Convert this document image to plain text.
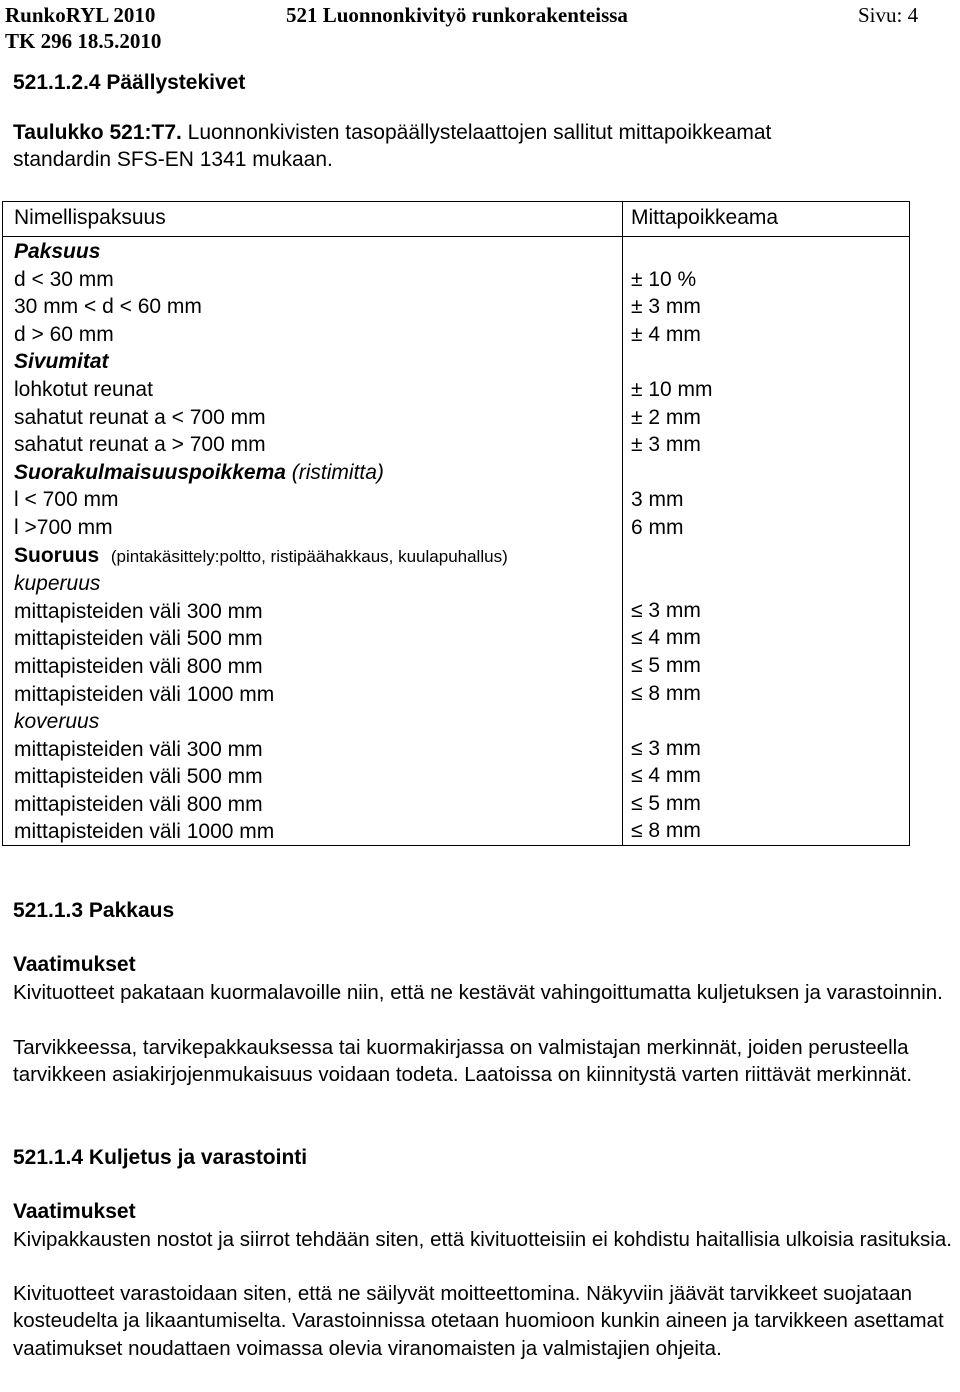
RunkoRYL 2010
TK 296 18.5.2010
521 Luonnonkivityö runkorakenteissa	Sivu: 4
521.1.2.4 Päällystekivet
Taulukko 521:T7. Luonnonkivisten tasopäällystelaattojen sallitut mittapoikkeamat
standardin SFS-EN 1341 mukaan.
Nimellispaksuus	Mittapoikkeama
Paksuus
d < 30 mm
30 mm < d < 60 mm
d > 60 mm
Sivumitat
lohkotut reunat
sahatut reunat a < 700 mm
sahatut reunat a > 700 mm
Suorakulmaisuuspoikkema (ristimitta)
l < 700 mm
l >700 mm
Suoruus (pintakäsittely:poltto, ristipäähakkaus, kuulapuhallus)
kuperuus
mittapisteiden väli 300 mm
mittapisteiden väli 500 mm
mittapisteiden väli 800 mm
mittapisteiden väli 1000 mm
koveruus
mittapisteiden väli 300 mm
mittapisteiden väli 500 mm
mittapisteiden väli 800 mm
mittapisteiden väli 1000 mm
± 10 %
± 3 mm
± 4 mm

± 10 mm
± 2 mm
± 3 mm

3 mm
6 mm

≤ 3 mm
≤ 4 mm
≤ 5 mm
≤ 8 mm

≤ 3 mm
≤ 4 mm
≤ 5 mm
≤ 8 mm
521.1.3 Pakkaus
Vaatimukset
Kivituotteet pakataan kuormalavoille niin, että ne kestävät vahingoittumatta kuljetuksen ja varastoinnin.
Tarvikkeessa, tarvikepakkauksessa tai kuormakirjassa on valmistajan merkinnät, joiden perusteella tarvikkeen asiakirjojenmukaisuus voidaan todeta. Laatoissa on kiinnitystä varten riittävät merkinnät.
521.1.4 Kuljetus ja varastointi
Vaatimukset
Kivipakkausten nostot ja siirrot tehdään siten, että kivituotteisiin ei kohdistu haitallisia ulkoisia rasituksia.
Kivituotteet varastoidaan siten, että ne säilyvät moitteettomina. Näkyviin jäävät tarvikkeet suojataan kosteudelta ja likaantumiselta. Varastoinnissa otetaan huomioon kunkin aineen ja tarvikkeen asettamat vaatimukset noudattaen voimassa olevia viranomaisten ja valmistajien ohjeita.
